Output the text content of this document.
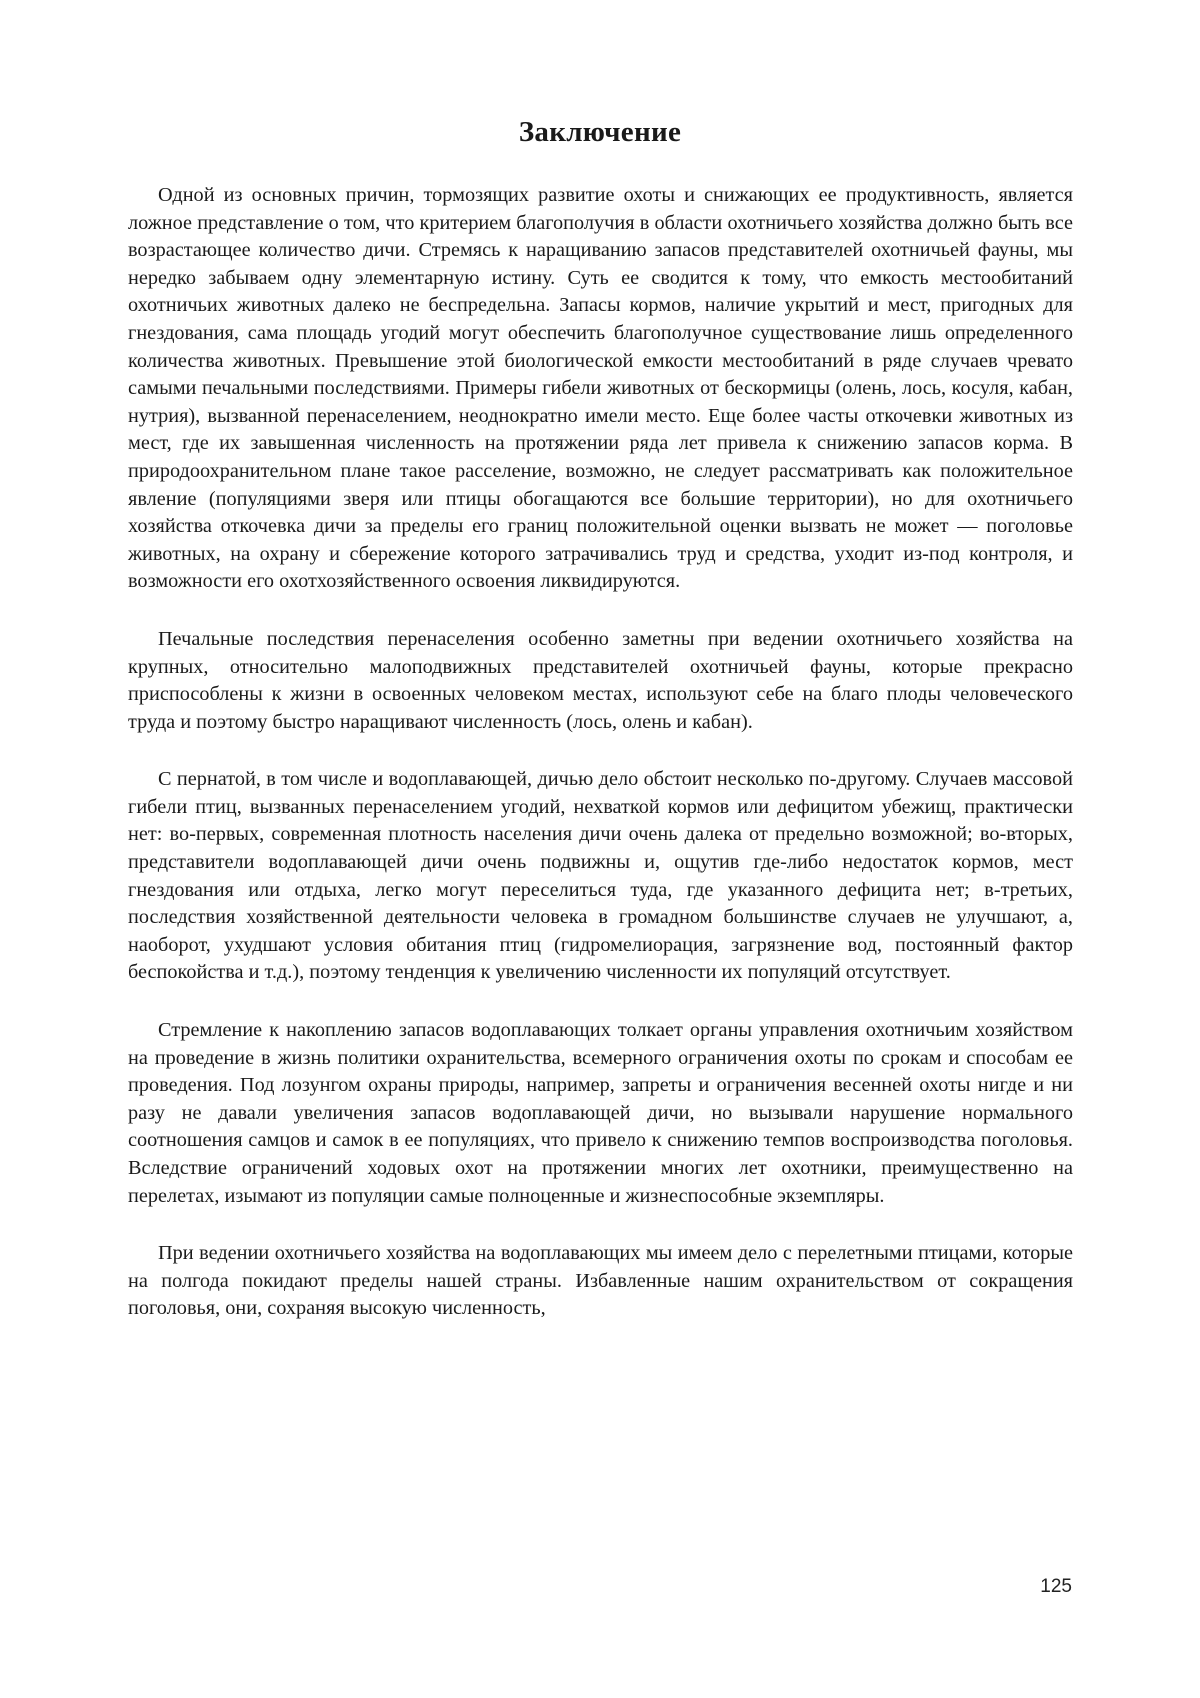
Заключение

Одной из основных причин, тормозящих развитие охоты и снижающих ее продуктивность, является ложное представление о том, что критерием благополучия в области охотничьего хозяйства должно быть все возрастающее количество дичи. Стремясь к наращиванию запасов представителей охотничьей фауны, мы нередко забываем одну элементарную истину. Суть ее сводится к тому, что емкость местообитаний охотничьих животных далеко не беспредельна. Запасы кормов, наличие укрытий и мест, пригодных для гнездования, сама площадь угодий могут обеспечить благополучное существование лишь определенного количества животных. Превышение этой биологической емкости местообитаний в ряде случаев чревато самыми печальными последствиями. Примеры гибели животных от бескормицы (олень, лось, косуля, кабан, нутрия), вызванной перенаселением, неоднократно имели место. Еще более часты откочевки животных из мест, где их завышенная численность на протяжении ряда лет привела к снижению запасов корма. В природоохранительном плане такое расселение, возможно, не следует рассматривать как положительное явление (популяциями зверя или птицы обогащаются все большие территории), но для охотничьего хозяйства откочевка дичи за пределы его границ положительной оценки вызвать не может — поголовье животных, на охрану и сбережение которого затрачивались труд и средства, уходит из-под контроля, и возможности его охотхозяйственного освоения ликвидируются.

Печальные последствия перенаселения особенно заметны при ведении охотничьего хозяйства на крупных, относительно малоподвижных представителей охотничьей фауны, которые прекрасно приспособлены к жизни в освоенных человеком местах, используют себе на благо плоды человеческого труда и поэтому быстро наращивают численность (лось, олень и кабан).

С пернатой, в том числе и водоплавающей, дичью дело обстоит несколько по-другому. Случаев массовой гибели птиц, вызванных перенаселением угодий, нехваткой кормов или дефицитом убежищ, практически нет: во-первых, современная плотность населения дичи очень далека от предельно возможной; во-вторых, представители водоплавающей дичи очень подвижны и, ощутив где-либо недостаток кормов, мест гнездования или отдыха, легко могут переселиться туда, где указанного дефицита нет; в-третьих, последствия хозяйственной деятельности человека в громадном большинстве случаев не улучшают, а, наоборот, ухудшают условия обитания птиц (гидромелиорация, загрязнение вод, постоянный фактор беспокойства и т.д.), поэтому тенденция к увеличению численности их популяций отсутствует.

Стремление к накоплению запасов водоплавающих толкает органы управления охотничьим хозяйством на проведение в жизнь политики охранительства, всемерного ограничения охоты по срокам и способам ее проведения. Под лозунгом охраны природы, например, запреты и ограничения весенней охоты нигде и ни разу не давали увеличения запасов водоплавающей дичи, но вызывали нарушение нормального соотношения самцов и самок в ее популяциях, что привело к снижению темпов воспроизводства поголовья. Вследствие ограничений ходовых охот на протяжении многих лет охотники, преимущественно на перелетах, изымают из популяции самые полноценные и жизнеспособные экземпляры.

При ведении охотничьего хозяйства на водоплавающих мы имеем дело с перелетными птицами, которые на полгода покидают пределы нашей страны. Избавленные нашим охранительством от сокращения поголовья, они, сохраняя высокую численность,

125
